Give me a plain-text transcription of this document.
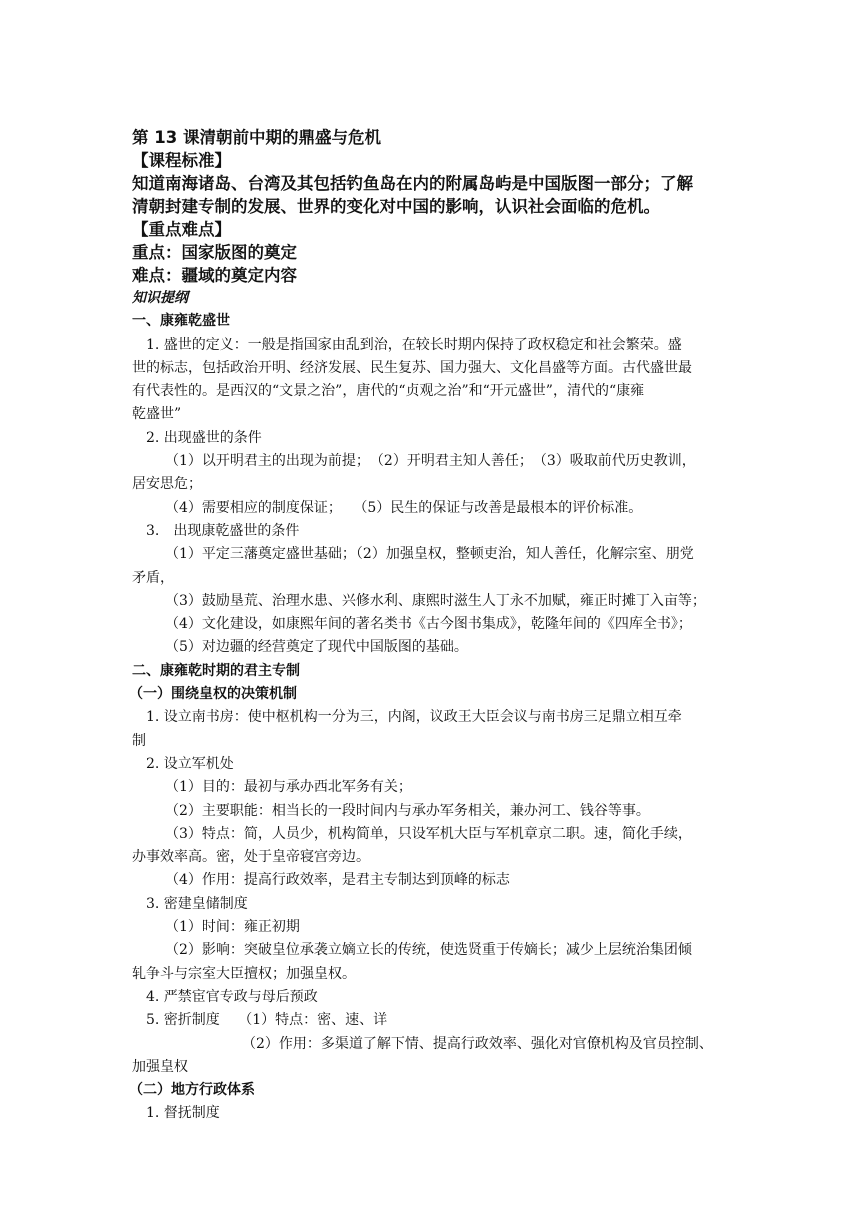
第 13 课清朝前中期的鼎盛与危机
【课程标准】
知道南海诸岛、台湾及其包括钓鱼岛在内的附属岛屿是中国版图一部分；了解
清朝封建专制的发展、世界的变化对中国的影响，认识社会面临的危机。
【重点难点】
重点：国家版图的奠定
难点：疆域的奠定内容
知识提纲
一、康雍乾盛世
1. 盛世的定义：一般是指国家由乱到治，在较长时期内保持了政权稳定和社会繁荣。盛
世的标志，包括政治开明、经济发展、民生复苏、国力强大、文化昌盛等方面。古代盛世最
有代表性的。是西汉的“文景之治”，唐代的“贞观之治”和“开元盛世”，清代的“康雍
乾盛世”
2. 出现盛世的条件
（1）以开明君主的出现为前提；　（2）开明君主知人善任；　（3）吸取前代历史教训，
居安思危；
（4）需要相应的制度保证；　 （5）民生的保证与改善是最根本的评价标准。
3.　出现康乾盛世的条件
（1）平定三藩奠定盛世基础；（2）加强皇权，整顿吏治，知人善任，化解宗室、朋党
矛盾，
（3）鼓励垦荒、治理水患、兴修水利、康熙时滋生人丁永不加赋，雍正时摊丁入亩等；
（4）文化建设，如康熙年间的著名类书《古今图书集成》，乾隆年间的《四库全书》；
（5）对边疆的经营奠定了现代中国版图的基础。
二、康雍乾时期的君主专制
（一）围绕皇权的决策机制
1. 设立南书房：使中枢机构一分为三，内阁，议政王大臣会议与南书房三足鼎立相互牵
制
2. 设立军机处
（1）目的：最初与承办西北军务有关；
（2）主要职能：相当长的一段时间内与承办军务相关，兼办河工、钱谷等事。
（3）特点：简，人员少，机构简单，只设军机大臣与军机章京二职。速，简化手续，
办事效率高。密，处于皇帝寝宫旁边。
（4）作用：提高行政效率，是君主专制达到顶峰的标志
3. 密建皇储制度
（1）时间：雍正初期
（2）影响：突破皇位承袭立嫡立长的传统，使选贤重于传嫡长；减少上层统治集团倾
轧争斗与宗室大臣擅权；加强皇权。
4. 严禁宦官专政与母后预政
5. 密折制度　 （1）特点：密、速、详
（2）作用：多渠道了解下情、提高行政效率、强化对官僚机构及官员控制、
加强皇权
（二）地方行政体系
1. 督抚制度
